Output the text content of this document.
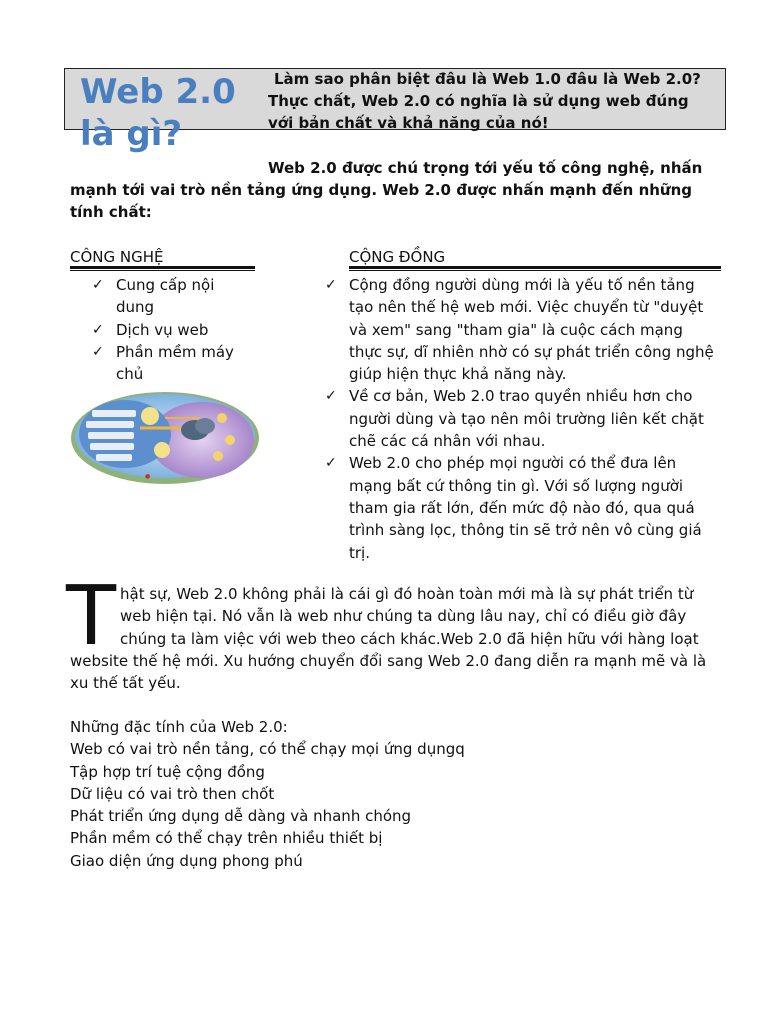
Web 2.0
là gì?
Làm sao phân biệt đâu là Web 1.0 đâu là Web 2.0?
Thực chất, Web 2.0 có nghĩa là sử dụng web đúng
với bản chất và khả năng của nó!

Web 2.0 được chú trọng tới yếu tố công nghệ, nhấn mạnh tới vai trò nền tảng ứng dụng. Web 2.0 được nhấn mạnh đến những tính chất:

CÔNG NGHỆ
✓ Cung cấp nội dung
✓ Dịch vụ web
✓ Phần mềm máy chủ
●
CỘNG ĐỒNG
✓ Cộng đồng người dùng mới là yếu tố nền tảng tạo nên thế hệ web mới. Việc chuyển từ "duyệt và xem" sang "tham gia" là cuộc cách mạng thực sự, dĩ nhiên nhờ có sự phát triển công nghệ giúp hiện thực khả năng này.
✓ Về cơ bản, Web 2.0 trao quyền nhiều hơn cho người dùng và tạo nên môi trường liên kết chặt chẽ các cá nhân với nhau.
✓ Web 2.0 cho phép mọi người có thể đưa lên mạng bất cứ thông tin gì. Với số lượng người tham gia rất lớn, đến mức độ nào đó, qua quá trình sàng lọc, thông tin sẽ trở nên vô cùng giá trị.
T hật sự, Web 2.0 không phải là cái gì đó hoàn toàn mới mà là sự phát triển từ
web hiện tại. Nó vẫn là web như chúng ta dùng lâu nay, chỉ có điều giờ đây
chúng ta làm việc với web theo cách khác.Web 2.0 đã hiện hữu với hàng loạt
website thế hệ mới. Xu hướng chuyển đổi sang Web 2.0 đang diễn ra mạnh mẽ và là xu thế tất yếu.
Những đặc tính của Web 2.0:
Web có vai trò nền tảng, có thể chạy mọi ứng dụngq
Tập hợp trí tuệ cộng đồng
Dữ liệu có vai trò then chốt
Phát triển ứng dụng dễ dàng và nhanh chóng
Phần mềm có thể chạy trên nhiều thiết bị
Giao diện ứng dụng phong phú
